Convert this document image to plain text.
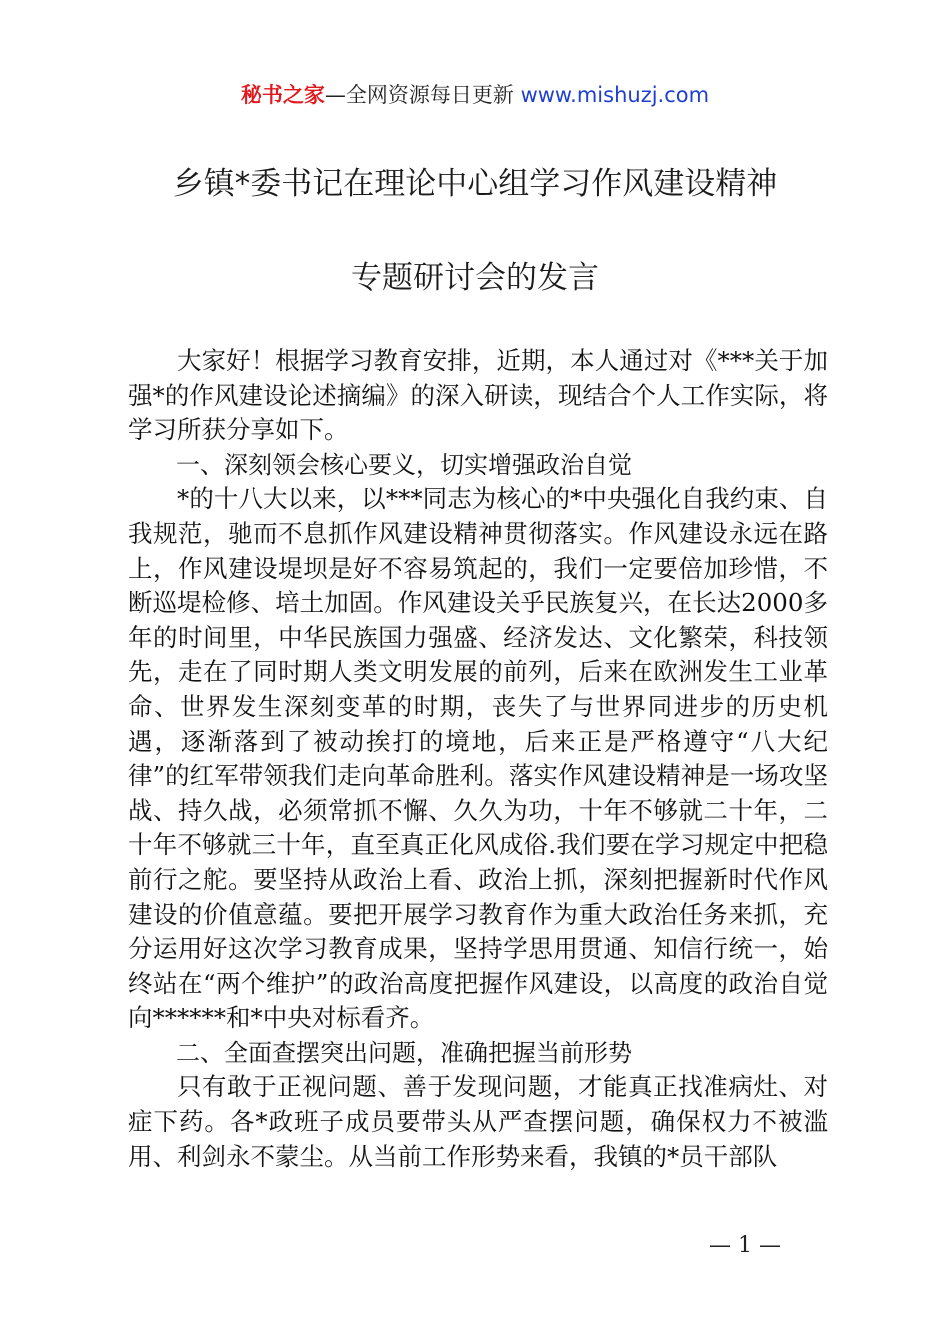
秘书之家—全网资源每日更新 www.mishuzj.com
乡镇*委书记在理论中心组学习作风建设精神
专题研讨会的发言

大家好！根据学习教育安排，近期，本人通过对《***关于加强*的作风建设论述摘编》的深入研读，现结合个人工作实际，将学习所获分享如下。

一、深刻领会核心要义，切实增强政治自觉

*的十八大以来，以***同志为核心的*中央强化自我约束、自我规范，驰而不息抓作风建设精神贯彻落实。作风建设永远在路上，作风建设堤坝是好不容易筑起的，我们一定要倍加珍惜，不断巡堤检修、培土加固。作风建设关乎民族复兴，在长达2000多年的时间里，中华民族国力强盛、经济发达、文化繁荣，科技领先，走在了同时期人类文明发展的前列，后来在欧洲发生工业革命、世界发生深刻变革的时期，丧失了与世界同进步的历史机遇，逐渐落到了被动挨打的境地，后来正是严格遵守“八大纪律”的红军带领我们走向革命胜利。落实作风建设精神是一场攻坚战、持久战，必须常抓不懈、久久为功，十年不够就二十年，二十年不够就三十年，直至真正化风成俗.我们要在学习规定中把稳前行之舵。要坚持从政治上看、政治上抓，深刻把握新时代作风建设的价值意蕴。要把开展学习教育作为重大政治任务来抓，充分运用好这次学习教育成果，坚持学思用贯通、知信行统一，始终站在“两个维护”的政治高度把握作风建设，以高度的政治自觉向******和*中央对标看齐。

二、全面查摆突出问题，准确把握当前形势

只有敢于正视问题、善于发现问题，才能真正找准病灶、对症下药。各*政班子成员要带头从严查摆问题，确保权力不被滥用、利剑永不蒙尘。从当前工作形势来看，我镇的*员干部队

— 1 —
